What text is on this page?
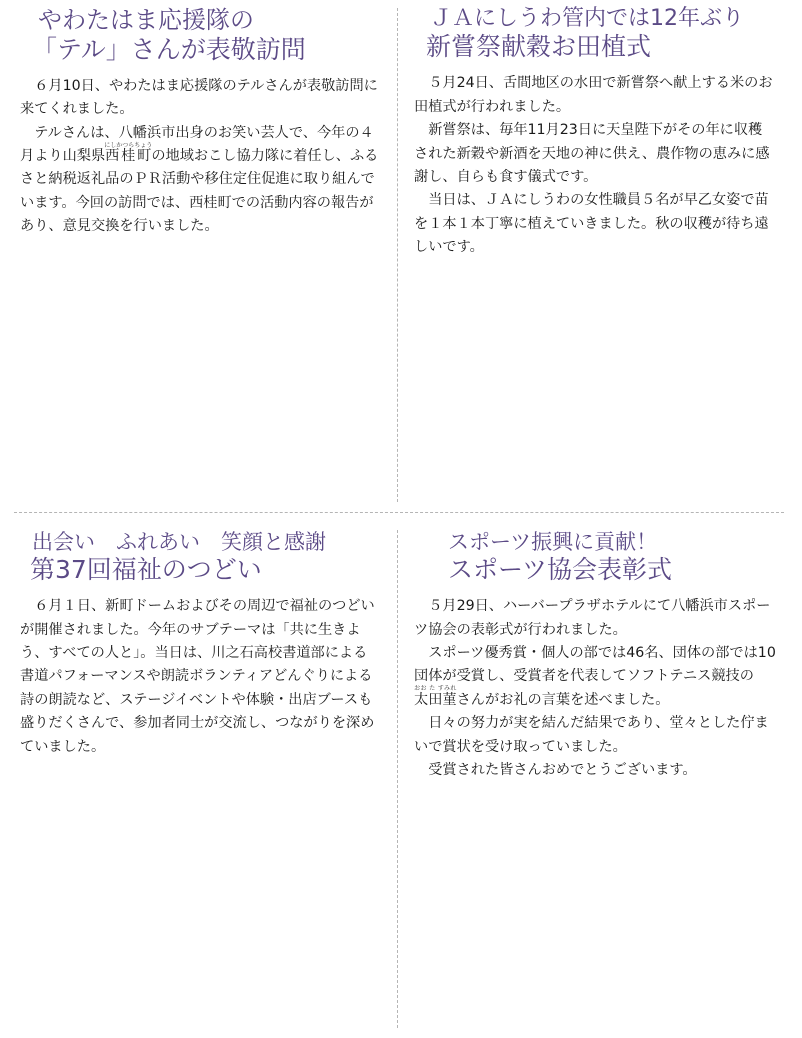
やわたはま応援隊の
「テル」さんが表敬訪問

６月10日、やわたはま応援隊のテルさんが表敬訪問に来てくれました。

テルさんは、八幡浜市出身のお笑い芸人で、今年の４月より山梨県西桂町にしかつらちょうの地域おこし協力隊に着任し、ふるさと納税返礼品のＰＲ活動や移住定住促進に取り組んでいます。今回の訪問では、西桂町での活動内容の報告があり、意見交換を行いました。

ＪＡにしうわ管内では12年ぶり
新嘗祭献穀お田植式

５月24日、舌間地区の水田で新嘗祭へ献上する米のお田植式が行われました。

新嘗祭は、毎年11月23日に天皇陛下がその年に収穫された新穀や新酒を天地の神に供え、農作物の恵みに感謝し、自らも食す儀式です。

当日は、ＪＡにしうわの女性職員５名が早乙女姿で苗を１本１本丁寧に植えていきました。秋の収穫が待ち遠しいです。

出会い　ふれあい　笑顔と感謝
第37回福祉のつどい

６月１日、新町ドームおよびその周辺で福祉のつどいが開催されました。今年のサブテーマは「共に生きよう、すべての人と」。当日は、川之石高校書道部による書道パフォーマンスや朗読ボランティアどんぐりによる詩の朗読など、ステージイベントや体験・出店ブースも盛りだくさんで、参加者同士が交流し、つながりを深めていました。

スポーツ振興に貢献！
スポーツ協会表彰式

５月29日、ハーバープラザホテルにて八幡浜市スポーツ協会の表彰式が行われました。

スポーツ優秀賞・個人の部では46名、団体の部では10団体が受賞し、受賞者を代表してソフトテニス競技の太田菫おお た すみれさんがお礼の言葉を述べました。

日々の努力が実を結んだ結果であり、堂々とした佇まいで賞状を受け取っていました。

受賞された皆さんおめでとうございます。
